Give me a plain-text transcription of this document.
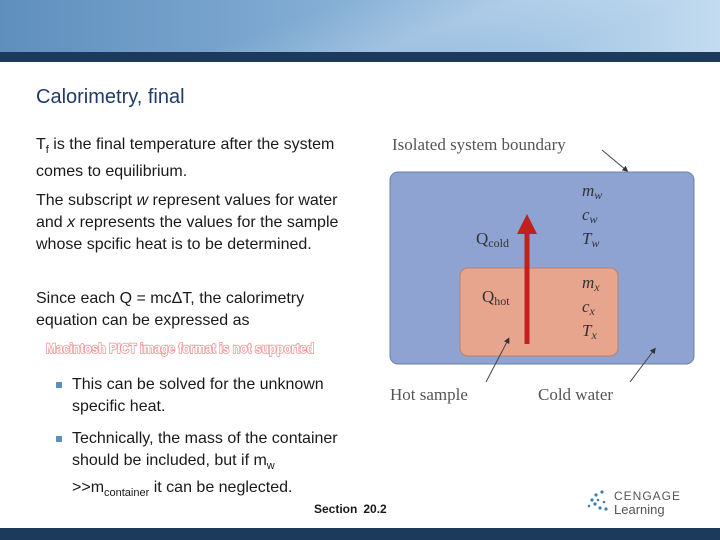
Calorimetry, final
$T_f$ is the final temperature after the system comes to equilibrium.
The subscript w represent values for water and x represents the values for the sample whose spcific heat is to be determined.
Since each Q = mcΔT, the calorimetry equation can be expressed as
Macintosh PICT image format is not supported
This can be solved for the unknown specific heat.
Technically, the mass of the container should be included, but if $m_w >>m_{container}$ it can be neglected.
Section 20.2
Isolated system boundary
Qcold
Qhot
mw
cw
Tw
mx
cx
Tx
Hot sample	Cold water
CENGAGE
Learning
